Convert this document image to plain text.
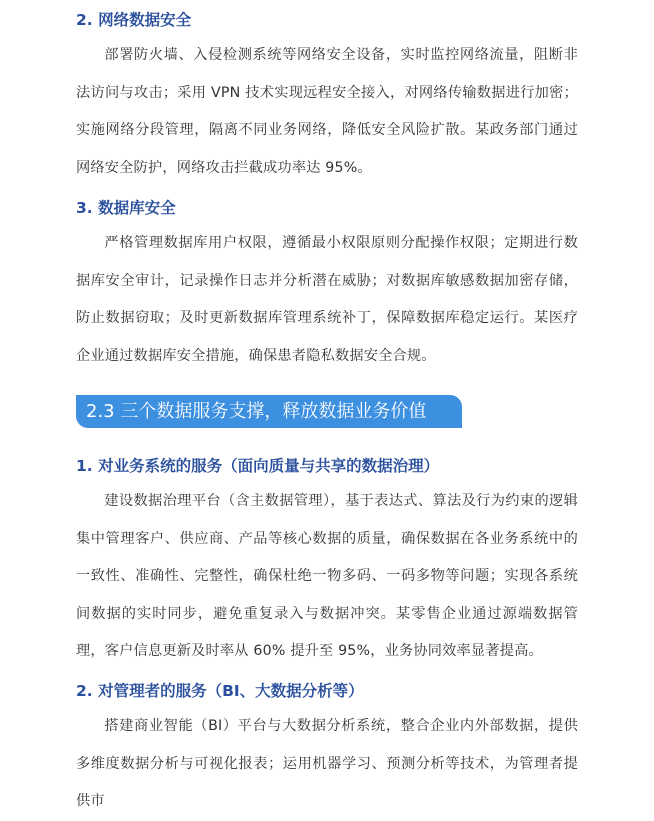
2. 网络数据安全

部署防火墙、入侵检测系统等网络安全设备，实时监控网络流量，阻断非法访问与攻击；采用 VPN 技术实现远程安全接入，对网络传输数据进行加密；实施网络分段管理，隔离不同业务网络，降低安全风险扩散。某政务部门通过网络安全防护，网络攻击拦截成功率达 95%。

3. 数据库安全

严格管理数据库用户权限，遵循最小权限原则分配操作权限；定期进行数据库安全审计，记录操作日志并分析潜在威胁；对数据库敏感数据加密存储，防止数据窃取；及时更新数据库管理系统补丁，保障数据库稳定运行。某医疗企业通过数据库安全措施，确保患者隐私数据安全合规。

2.3 三个数据服务支撑，释放数据业务价值
1. 对业务系统的服务（面向质量与共享的数据治理）

建设数据治理平台（含主数据管理），基于表达式、算法及行为约束的逻辑集中管理客户、供应商、产品等核心数据的质量，确保数据在各业务系统中的一致性、准确性、完整性，确保杜绝一物多码、一码多物等问题；实现各系统间数据的实时同步，避免重复录入与数据冲突。某零售企业通过源端数据管理，客户信息更新及时率从 60% 提升至 95%，业务协同效率显著提高。

2. 对管理者的服务（BI、大数据分析等）

搭建商业智能（BI）平台与大数据分析系统，整合企业内外部数据，提供多维度数据分析与可视化报表；运用机器学习、预测分析等技术，为管理者提供市
